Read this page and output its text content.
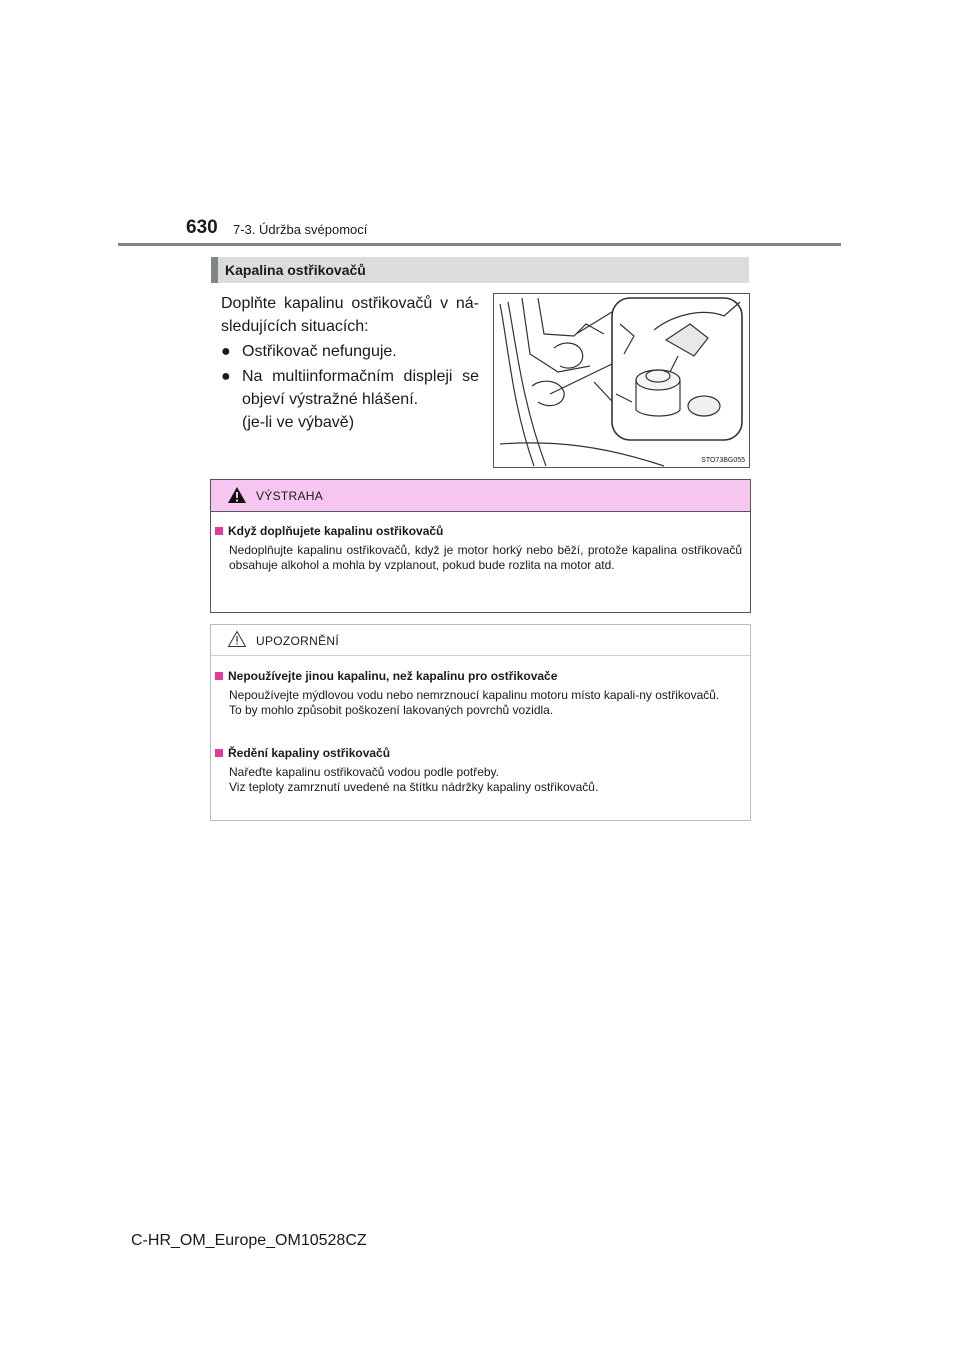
630 7-3. Údržba svépomocí
Kapalina ostřikovačů

Doplňte kapalinu ostřikovačů v ná-sledujících situacích:

● Ostřikovač nefunguje.
● Na multiinformačním displeji se objeví výstražné hlášení.
(je-li ve výbavě)
STO73BG055
VÝSTRAHA
Když doplňujete kapalinu ostřikovačů

Nedoplňujte kapalinu ostřikovačů, když je motor horký nebo běží, protože kapalina ostřikovačů obsahuje alkohol a mohla by vzplanout, pokud bude rozlita na motor atd.

UPOZORNĚNÍ
Nepoužívejte jinou kapalinu, než kapalinu pro ostřikovače

Nepoužívejte mýdlovou vodu nebo nemrznoucí kapalinu motoru místo kapali-ny ostřikovačů.

To by mohlo způsobit poškození lakovaných povrchů vozidla.

Ředění kapaliny ostřikovačů

Nařeďte kapalinu ostřikovačů vodou podle potřeby.

Viz teploty zamrznutí uvedené na štítku nádržky kapaliny ostřikovačů.

C-HR_OM_Europe_OM10528CZ
